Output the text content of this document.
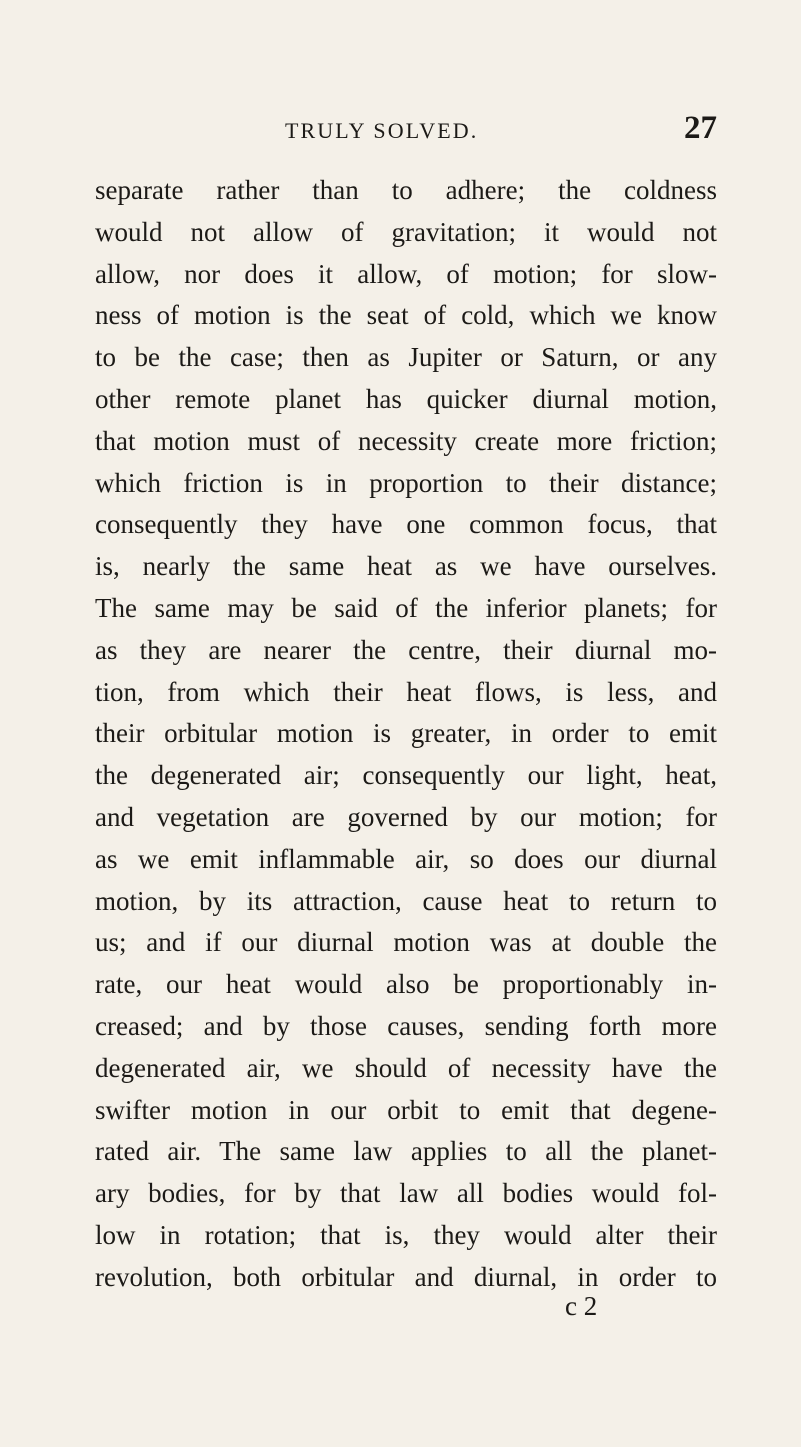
TRULY SOLVED.	27
separate rather than to adhere; the coldness
would not allow of gravitation; it would not
allow, nor does it allow, of motion; for slow-
ness of motion is the seat of cold, which we know
to be the case; then as Jupiter or Saturn, or any
other remote planet has quicker diurnal motion,
that motion must of necessity create more friction;
which friction is in proportion to their distance;
consequently they have one common focus, that
is, nearly the same heat as we have ourselves.
The same may be said of the inferior planets; for
as they are nearer the centre, their diurnal mo-
tion, from which their heat flows, is less, and
their orbitular motion is greater, in order to emit
the degenerated air; consequently our light, heat,
and vegetation are governed by our motion; for
as we emit inflammable air, so does our diurnal
motion, by its attraction, cause heat to return to
us; and if our diurnal motion was at double the
rate, our heat would also be proportionably in-
creased; and by those causes, sending forth more
degenerated air, we should of necessity have the
swifter motion in our orbit to emit that degene-
rated air. The same law applies to all the planet-
ary bodies, for by that law all bodies would fol-
low in rotation; that is, they would alter their
revolution, both orbitular and diurnal, in order to
c 2
